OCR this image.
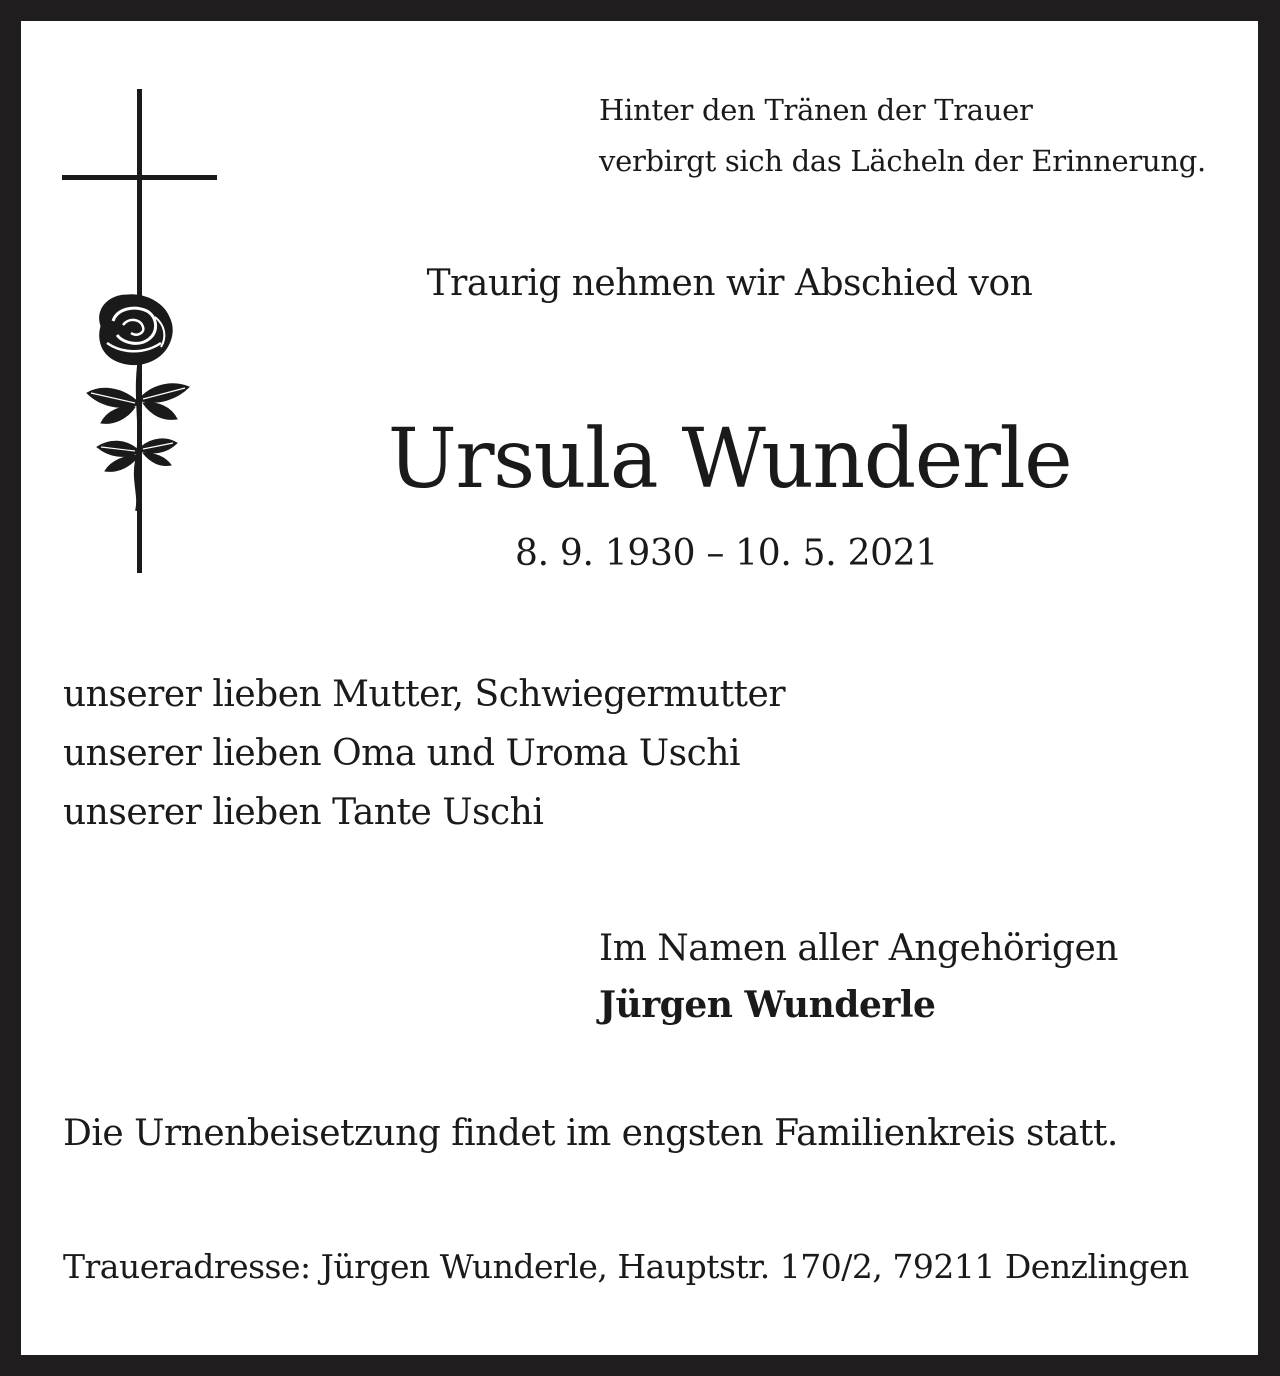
Hinter den Tränen der Trauer
verbirgt sich das Lächeln der Erinnerung.
Traurig nehmen wir Abschied von
Ursula Wunderle
8. 9. 1930 – 10. 5. 2021
unserer lieben Mutter, Schwiegermutter
unserer lieben Oma und Uroma Uschi
unserer lieben Tante Uschi
Im Namen aller Angehörigen
Jürgen Wunderle
Die Urnenbeisetzung findet im engsten Familienkreis statt.
Traueradresse: Jürgen Wunderle, Hauptstr. 170/2, 79211 Denzlingen
